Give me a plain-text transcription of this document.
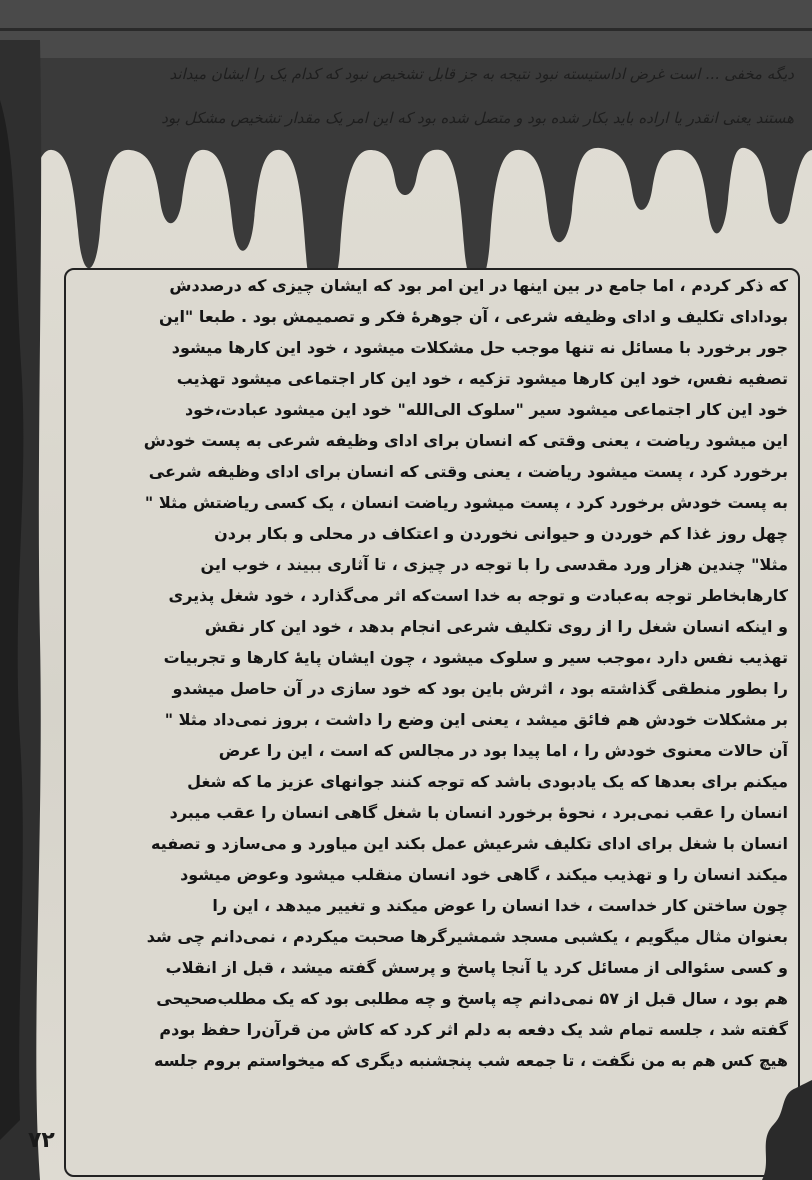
دیگه مخفی ... است غرض اداستیسته نبود نتیجه به جز قابل تشخیص نبود که کدام یک را ایشان میداند
هستند یعنی انقدر یا اراده باید بکار شده بود و متصل شده بود که این امر یک مقدار تشخیص مشکل بود
که ذکر کردم ، اما جامع در بین اینها در این امر بود که ایشان چیزی که درصددش
بودادای تکلیف و ادای وظیفه شرعی ، آن جوهرهٔ فکر و تصمیمش بود . طبعا "این
جور برخورد با مسائل نه تنها موجب حل مشکلات میشود ، خود این کارها میشود
تصفیه نفس، خود این کارها میشود تزکیه ، خود این کار اجتماعی میشود تهذیب
خود این کار اجتماعی میشود سیر "سلوک الی‌الله" خود این میشود عبادت،خود
این میشود ریاضت ، یعنی وقتی که انسان برای ادای وظیفه شرعی به پست خودش
برخورد کرد ، پست میشود ریاضت ، یعنی وقتی که انسان برای ادای وظیفه شرعی
به پست خودش برخورد کرد ، پست میشود ریاضت انسان ، یک کسی ریاضتش مثلا "
چهل روز غذا کم خوردن و حیوانی نخوردن و اعتکاف در محلی و بکار بردن
مثلا" چندین هزار ورد مقدسی را با توجه در چیزی ، تا آثاری ببیند ، خوب این
کارهابخاطر توجه به‌عبادت و توجه به خدا است‌که اثر می‌گذارد ، خود شغل پذیری
و اینکه انسان شغل را از روی تکلیف شرعی انجام بدهد ، خود این کار نقش
تهذیب نفس دارد ،موجب سیر و سلوک میشود ، چون ایشان پایهٔ کارها و تجربیات
را بطور منطقی گذاشته بود ، اثرش باین بود که خود سازی در آن حاصل میشدو
بر مشکلات خودش هم فائق میشد ، یعنی این وضع را داشت ، بروز نمی‌داد مثلا "
آن حالات معنوی خودش را ، اما پیدا بود در مجالس که است ، این را عرض
میکنم برای بعدها که یک یادبودی باشد که توجه کنند جوانهای عزیز ما که شغل
انسان را عقب نمی‌برد ، نحوهٔ برخورد انسان با شغل گاهی انسان را عقب میبرد
انسان با شغل برای ادای تکلیف شرعیش عمل بکند این میاورد و می‌سازد و تصفیه
میکند انسان را و تهذیب میکند ، گاهی خود انسان منقلب میشود وعوض میشود
چون ساختن کار خداست ، خدا انسان را عوض میکند و تغییر میدهد ، این را
بعنوان مثال میگویم ، یکشبی مسجد شمشیرگرها صحبت میکردم ، نمی‌دانم چی شد
و کسی سئوالی از مسائل کرد یا آنجا پاسخ و پرسش گفته میشد ، قبل از انقلاب
هم بود ، سال قبل از ۵۷ نمی‌دانم چه پاسخ و چه مطلبی بود که یک مطلب‌صحیحی
گفته شد ، جلسه تمام شد یک دفعه به دلم اثر کرد که کاش من قرآن‌را حفظ بودم
هیچ کس هم به من نگفت ، تا جمعه شب پنجشنبه دیگری که میخواستم بروم جلسه
۷۲
